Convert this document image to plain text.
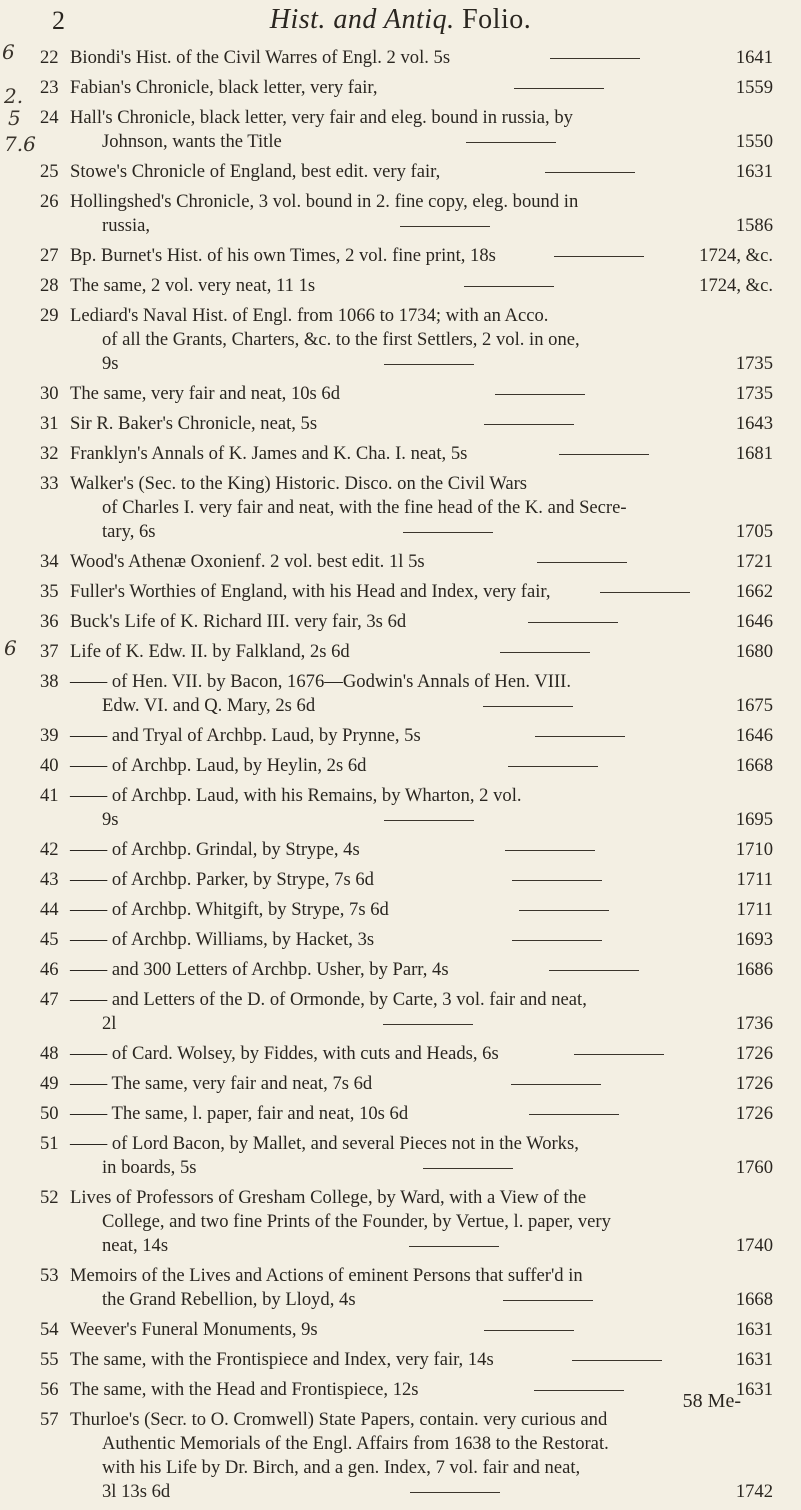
2	Hist. and Antiq. Folio.
2.
6
7.6
5
6
22 Biondi's Hist. of the Civil Warres of Engl. 2 vol. 5s	1641
23 Fabian's Chronicle, black letter, very fair,	1559
24 Hall's Chronicle, black letter, very fair and eleg. bound in russia, by
Johnson, wants the Title	1550
25 Stowe's Chronicle of England, best edit. very fair,	1631
26 Hollingshed's Chronicle, 3 vol. bound in 2. fine copy, eleg. bound in
russia,	1586
27 Bp. Burnet's Hist. of his own Times, 2 vol. fine print, 18s	1724, &c.
28 The same, 2 vol. very neat, 11 1s	1724, &c.
29 Lediard's Naval Hist. of Engl. from 1066 to 1734; with an Acco.
of all the Grants, Charters, &c. to the first Settlers, 2 vol. in one,
9s	1735
30 The same, very fair and neat, 10s 6d	1735
31 Sir R. Baker's Chronicle, neat, 5s	1643
32 Franklyn's Annals of K. James and K. Cha. I. neat, 5s	1681
33 Walker's (Sec. to the King) Historic. Disco. on the Civil Wars
of Charles I. very fair and neat, with the fine head of the K. and Secre-
tary, 6s	1705
34 Wood's Athenæ Oxonienf. 2 vol. best edit. 1l 5s	1721
35 Fuller's Worthies of England, with his Head and Index, very fair,	1662
36 Buck's Life of K. Richard III. very fair, 3s 6d	1646
37 Life of K. Edw. II. by Falkland, 2s 6d	1680
38 —— of Hen. VII. by Bacon, 1676—Godwin's Annals of Hen. VIII.
Edw. VI. and Q. Mary, 2s 6d	1675
39 —— and Tryal of Archbp. Laud, by Prynne, 5s	1646
40 —— of Archbp. Laud, by Heylin, 2s 6d	1668
41 —— of Archbp. Laud, with his Remains, by Wharton, 2 vol.
9s	1695
42 —— of Archbp. Grindal, by Strype, 4s	1710
43 —— of Archbp. Parker, by Strype, 7s 6d	1711
44 —— of Archbp. Whitgift, by Strype, 7s 6d	1711
45 —— of Archbp. Williams, by Hacket, 3s	1693
46 —— and 300 Letters of Archbp. Usher, by Parr, 4s	1686
47 —— and Letters of the D. of Ormonde, by Carte, 3 vol. fair and neat,
2l	1736
48 —— of Card. Wolsey, by Fiddes, with cuts and Heads, 6s	1726
49 —— The same, very fair and neat, 7s 6d	1726
50 —— The same, l. paper, fair and neat, 10s 6d	1726
51 —— of Lord Bacon, by Mallet, and several Pieces not in the Works,
in boards, 5s	1760
52 Lives of Professors of Gresham College, by Ward, with a View of the
College, and two fine Prints of the Founder, by Vertue, l. paper, very
neat, 14s	1740
53 Memoirs of the Lives and Actions of eminent Persons that suffer'd in
the Grand Rebellion, by Lloyd, 4s	1668
54 Weever's Funeral Monuments, 9s	1631
55 The same, with the Frontispiece and Index, very fair, 14s	1631
56 The same, with the Head and Frontispiece, 12s	1631
57 Thurloe's (Secr. to O. Cromwell) State Papers, contain. very curious and
Authentic Memorials of the Engl. Affairs from 1638 to the Restorat.
with his Life by Dr. Birch, and a gen. Index, 7 vol. fair and neat,
3l 13s 6d	1742
58 Me-
